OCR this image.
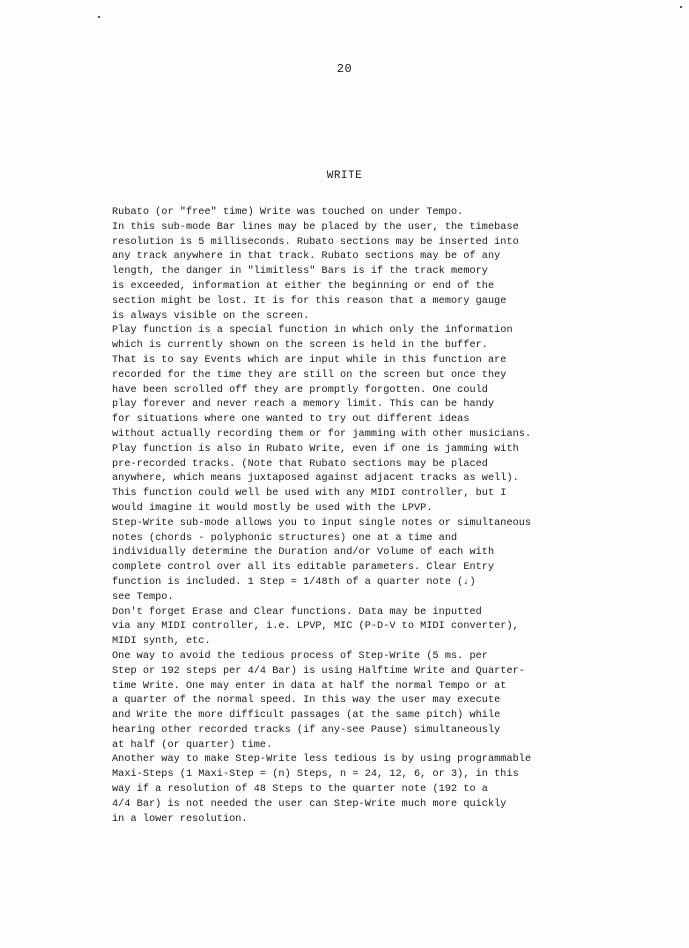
20
WRITE
Rubato (or "free" time) Write was touched on under Tempo.
In this sub-mode Bar lines may be placed by the user, the timebase
resolution is 5 milliseconds. Rubato sections may be inserted into
any track anywhere in that track. Rubato sections may be of any
length, the danger in "limitless" Bars is if the track memory
is exceeded, information at either the beginning or end of the
section might be lost. It is for this reason that a memory gauge
is always visible on the screen.
Play function is a special function in which only the information
which is currently shown on the screen is held in the buffer.
That is to say Events which are input while in this function are
recorded for the time they are still on the screen but once they
have been scrolled off they are promptly forgotten. One could
play forever and never reach a memory limit. This can be handy
for situations where one wanted to try out different ideas
without actually recording them or for jamming with other musicians.
Play function is also in Rubato Write, even if one is jamming with
pre-recorded tracks. (Note that Rubato sections may be placed
anywhere, which means juxtaposed against adjacent tracks as well).
This function could well be used with any MIDI controller, but I
would imagine it would mostly be used with the LPVP.
Step-Write sub-mode allows you to input single notes or simultaneous
notes (chords - polyphonic structures) one at a time and
individually determine the Duration and/or Volume of each with
complete control over all its editable parameters. Clear Entry
function is included. 1 Step = 1/48th of a quarter note (♩)
see Tempo.
Don't forget Erase and Clear functions. Data may be inputted
via any MIDI controller, i.e. LPVP, MIC (P-D-V to MIDI converter),
MIDI synth, etc.
One way to avoid the tedious process of Step-Write (5 ms. per
Step or 192 steps per 4/4 Bar) is using Halftime Write and Quarter-
time Write. One may enter in data at half the normal Tempo or at
a quarter of the normal speed. In this way the user may execute
and Write the more difficult passages (at the same pitch) while
hearing other recorded tracks (if any-see Pause) simultaneously
at half (or quarter) time.
Another way to make Step-Write less tedious is by using programmable
Maxi-Steps (1 Maxi-Step = (n) Steps, n = 24, 12, 6, or 3), in this
way if a resolution of 48 Steps to the quarter note (192 to a
4/4 Bar) is not needed the user can Step-Write much more quickly
in a lower resolution.
